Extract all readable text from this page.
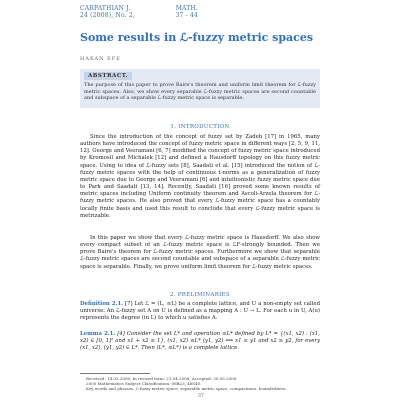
CARPATHIAN J.	MATH.
24 (2008), No. 2,	37 - 44
Some results in ℒ-fuzzy metric spaces
HAKAN EFE
ABSTRACT.
The purpose of this paper to prove Baire's theorem and uniform limit theorem for ℒ-fuzzy metric spaces. Also, we show every separable ℒ-fuzzy metric spaces are second countable and subspace of a separable ℒ-fuzzy metric space is separable.
1. INTRODUCTION
Since the introduction of the concept of fuzzy set by Zadeh [17] in 1965, many authors have introduced the concept of fuzzy metric space in different ways [2, 5, 9, 11, 12]. George and Veeramani [6, 7] modified the concept of fuzzy metric space introduced by Kromosil and Michalek [12] and defined a Hausdorff topology on this fuzzy metric space. Using to idea of ℒ-fuzzy sets [8], Saadati et al. [15] introduced the notion of ℒ-fuzzy metric spaces with the help of continuous t-norms as a generalization of fuzzy metric space due to George and Veeramani [6] and intuitionistic fuzzy metric space due to Park and Saadati [13, 14]. Recently, Saadati [16] proved some known results of metric spaces including Uniform continuity theorem and Ascoli-Arzela theorem for ℒ-fuzzy metric spaces. He also proved that every ℒ-fuzzy metric space has a countably locally finite basis and used this result to conclude that every ℒ-fuzzy metric space is metrizable.
In this paper we show that every ℒ-fuzzy metric space is Hausdorff. We also show every compact subset of an ℒ-fuzzy metric space is ℒF-strongly bounded. Then we prove Baire's theorem for ℒ-fuzzy metric spaces. Furthermore we show that separable ℒ-fuzzy metric spaces are second countable and subspace of a separable ℒ-fuzzy metric space is separable. Finally, we prove uniform limit theorem for ℒ-fuzzy metric spaces.
2. PRELIMINARIES
Definition 2.1. [7] Let ℒ = (L, ≤L) be a complete lattice, and U a non-empty set called universe. An ℒ-fuzzy set A on U is defined as a mapping A : U → L. For each u in U, A(u) represents the degree (in L) to which u satisfies A.
Lemma 2.1. [4] Consider the set L* and operation ≤L* defined by L* = {(x1, x2) : (x1, x2) ∈ [0, 1]² and x1 + x2 ≤ 1}, (x1, x2) ≤L* (y1, y2) ⟺ x1 ≤ y1 and x2 ≥ y2, for every (x1, x2), (y1, y2) ∈ L*. Then (L*, ≤L*) is a complete lattice.
Received: 14.02.2008; In revised form: 21.04.2008; Accepted: 30.09.2008
2000 Mathematics Subject Classification. 06B23, 46S40.
Key words and phrases. ℒ-fuzzy metric space, separable metric space, compactness, boundedness.
37
